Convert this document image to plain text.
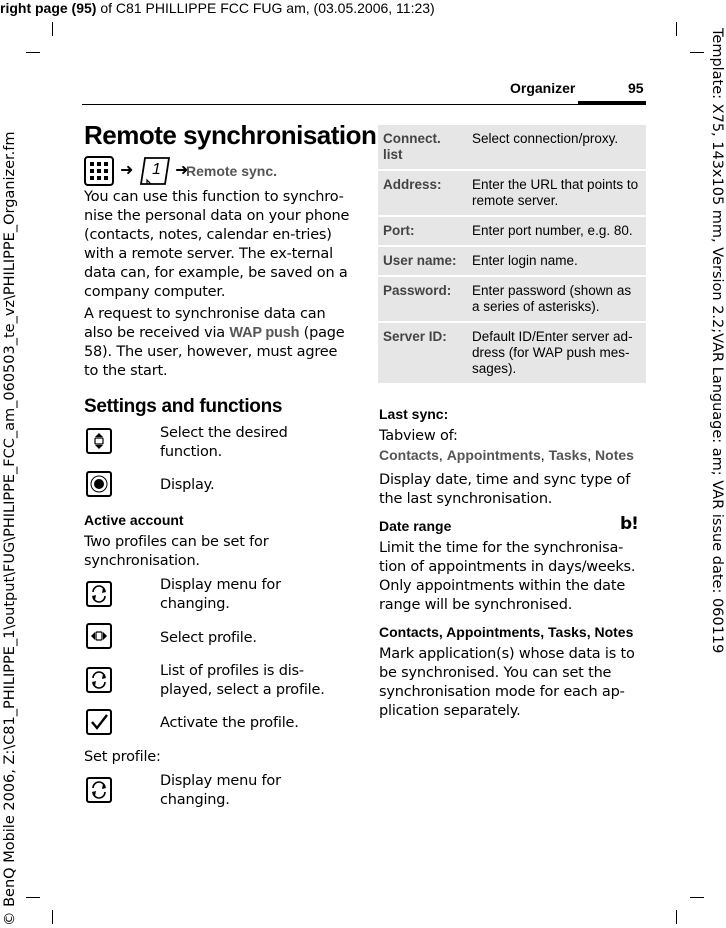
right page (95) of C81 PHILLIPPE FCC FUG am, (03.05.2006, 11:23)
Template: X75, 143x105 mm, Version 2.2;VAR Language: am; VAR issue date: 060119
© BenQ Mobile 2006, Z:\C81_PHILIPPE_1\output\FUG\PHILIPPE_FCC_am_060503_te_vz\PHILIPPE_Organizer.fm
Organizer	95
Remote synchronisation
➜ 1 ➜
Remote sync.
You can use this function to synchro-nise the personal data on your phone (contacts, notes, calendar en-tries) with a remote server. The ex-ternal data can, for example, be saved on a company computer.
A request to synchronise data can also be received via WAP push (page 58). The user, however, must agree to the start.
Settings and functions
Select the desired function.
Display.
Active account
Two profiles can be set for synchronisation.
Display menu for changing.
Select profile.
List of profiles is dis-played, select a profile.
Activate the profile.
Set profile:
Display menu for changing.
Connect. list	Select connection/proxy.
Address:	Enter the URL that points to remote server.
Port:	Enter port number, e.g. 80.
User name:	Enter login name.
Password:	Enter password (shown as a series of asterisks).
Server ID:	Default ID/Enter server ad-dress (for WAP push mes-sages).
Last sync:
Tabview of:
Contacts, Appointments, Tasks, Notes
Display date, time and sync type of the last synchronisation.
Date range	b!
Limit the time for the synchronisa-tion of appointments in days/weeks. Only appointments within the date range will be synchronised.
Contacts, Appointments, Tasks, Notes
Mark application(s) whose data is to be synchronised. You can set the synchronisation mode for each ap-plication separately.
